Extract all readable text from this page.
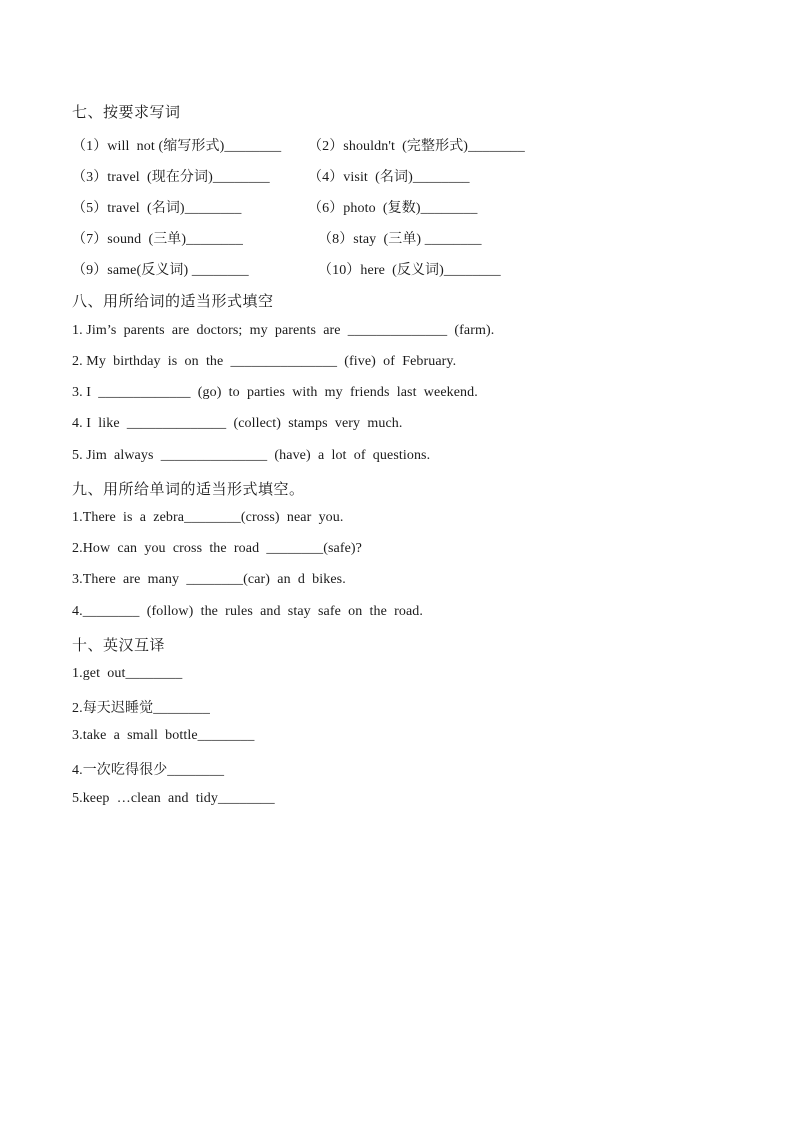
七、按要求写词
（1）will  not (缩写形式)________ （2）shouldn't  (完整形式)________
（3）travel  (现在分词)________	（4）visit  (名词)________
（5）travel  (名词)________	（6）photo  (复数)________
（7）sound  (三单)________	（8）stay  (三单) ________
（9）same(反义词) ________	（10）here  (反义词)________
八、用所给词的适当形式填空
1. Jim’s  parents  are  doctors;  my  parents  are  ______________  (farm).
2. My  birthday  is  on  the  _______________  (five)  of  February.
3. I  _____________  (go)  to  parties  with  my  friends  last  weekend.
4. I  like  ______________  (collect)  stamps  very  much.
5. Jim  always  _______________  (have)  a  lot  of  questions.
九、用所给单词的适当形式填空。
1.There  is  a  zebra________(cross)  near  you.
2.How  can  you  cross  the  road  ________(safe)?
3.There  are  many  ________(car)  an  d  bikes.
4.________  (follow)  the  rules  and  stay  safe  on  the  road.
十、英汉互译
1.get  out________
2.每天迟睡觉________
3.take  a  small  bottle________
4.一次吃得很少________
5.keep  …clean  and  tidy________
